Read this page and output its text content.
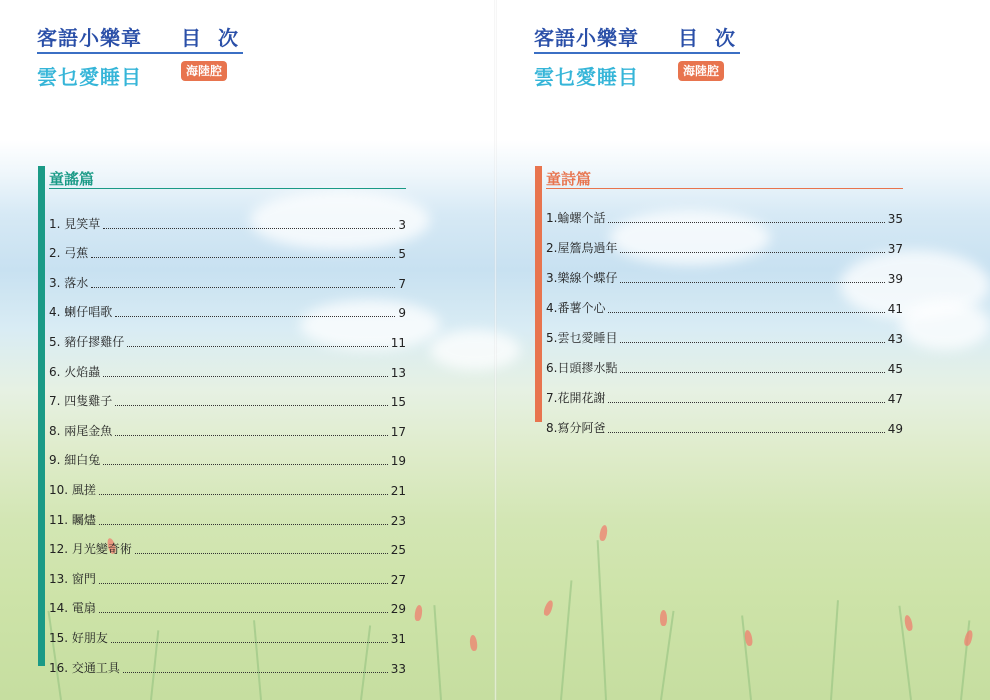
客語小樂章 目 次
雲乜愛睡目	海陸腔
童謠篇
1. 見笑草	3
2. 弓蕉	5
3. 落水	7
4. 蝲仔唱歌	9
5. 豬仔摎雞仔	11
6. 火焰蟲	13
7. 四隻雞子	15
8. 兩尾金魚	17
9. 細白兔	19
10. 風搓	21
11. 矚燼	23
12. 月光變奇術	25
13. 窗門	27
14. 電扇	29
15. 好朋友	31
16. 交通工具	33
客語小樂章 目 次
雲乜愛睡目	海陸腔
童詩篇
1.蝓螺个話	35
2.屋簷鳥過年	37
3.樂線个蝶仔	39
4.番薯个心	41
5.雲乜愛睡目	43
6.日頭摎水點	45
7.花開花謝	47
8.寫分阿爸	49
